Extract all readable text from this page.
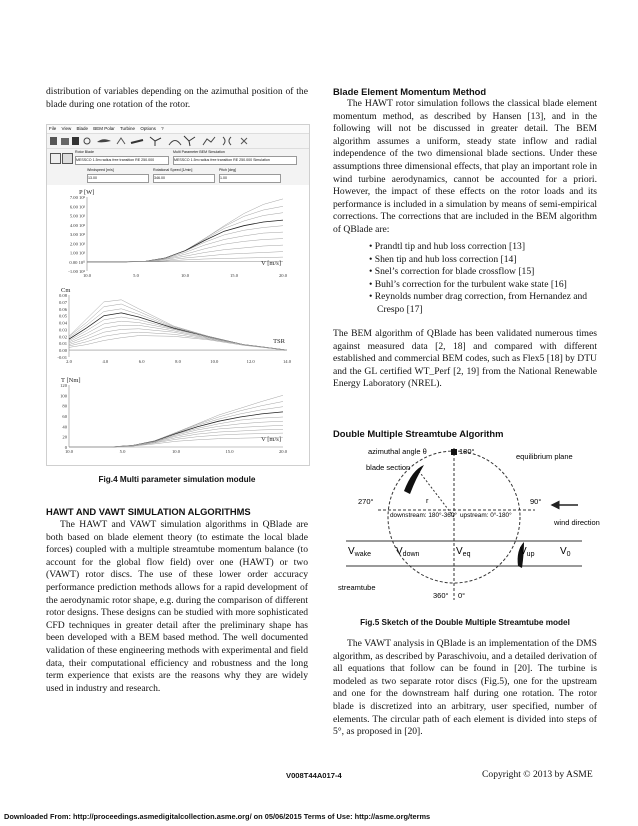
distribution of variables depending on the azimuthal position of the blade during one rotation of the rotor.

File View Blade BEM Polar Turbine Options ?
Rotor Blade	Multi Parameter BEM Simulation
MESSCO 1.5m radius free transition RE 250.000	MESSCO 1.5m radius free transition RE 250.000 Simulation
Windspeed [m/s]	Rotational Speed [1/min]	Pitch [deg]
13.00	346.00	1.00
P [W]
7.00 10³
6.00 10³
5.00 10³
4.00 10³
3.00 10³
2.00 10³
1.00 10³
0.00 10⁰
-1.00 10³
10.0	5.0	10.0	15.0	20.0
V [m/s]
Cm
0.08
0.07
0.06
0.05
0.04
0.03
0.02
0.01
0.00
-0.01
2.0	4.0	6.0	8.0	10.0	12.0	14.0
TSR
T [Nm]
120
100
80
60
40
20
0
10.0	5.0	10.0	15.0	20.0
V [m/s]
Fig.4 Multi parameter simulation module

HAWT AND VAWT SIMULATION ALGORITHMS

The HAWT and VAWT simulation algorithms in QBlade are both based on blade element theory (to estimate the local blade forces) coupled with a multiple streamtube momentum balance (to account for the global flow field) over one (HAWT) or two (VAWT) rotor discs. The use of these lower order accuracy performance prediction methods allows for a rapid development of the aerodynamic rotor shape, e.g. during the comparison of different rotor designs. These designs can be studied with more sophisticated CFD techniques in greater detail after the preliminary shape has been developed with a BEM based method. The well documented validation of these engineering methods with experimental and field data, their computational efficiency and robustness and the long term experience that exists are the reasons why they are widely used in industry and research.

Blade Element Momentum Method

The HAWT rotor simulation follows the classical blade element momentum method, as described by Hansen [13], and in the following will not be discussed in greater detail. The BEM algorithm assumes a uniform, steady state inflow and radial independence of the two dimensional blade sections. Under these assumptions three dimensional effects, that play an important role in wind turbine aerodynamics, cannot be accounted for a priori. However, the impact of these effects on the rotor loads and its performance is included in a simulation by means of semi-empirical corrections. The corrections that are included in the BEM algorithm of QBlade are:

• Prandtl tip and hub loss correction [13]
• Shen tip and hub loss correction [14]
• Snel’s correction for blade crossflow [15]
• Buhl’s correction for the turbulent wake state [16]
• Reynolds number drag correction, from Hernandez and Crespo [17]

The BEM algorithm of QBlade has been validated numerous times against measured data [2, 18] and compared with different established and commercial BEM codes, such as Flex5 [18] by DTU and the GL certified WT_Perf [2, 19] from the National Renewable Energy Laboratory (NREL).

Double Multiple Streamtube Algorithm

azimuthal angle θ	180°
blade section
equilibrium plane
r
270°	90°
downstream: 180°-360° upstream: 0°-180°
wind direction
$V_{wake}$ $V_{down}$	$V_{eq}$	$V_{up}$	$V_0$
streamtube
360° 0°
Fig.5 Sketch of the Double Multiple Streamtube model

The VAWT analysis in QBlade is an implementation of the DMS algorithm, as described by Paraschivoiu, and a detailed derivation of all equations that follow can be found in [20]. The turbine is modeled as two separate rotor discs (Fig.5), one for the upstream and one for the downstream half during one rotation. The rotor blade is discretized into an arbitrary, user specified, number of elements. The circular path of each element is divided into steps of 5°, as proposed in [20].

V008T44A017-4	Copyright © 2013 by ASME
Downloaded From: http://proceedings.asmedigitalcollection.asme.org/ on 05/06/2015 Terms of Use: http://asme.org/terms
